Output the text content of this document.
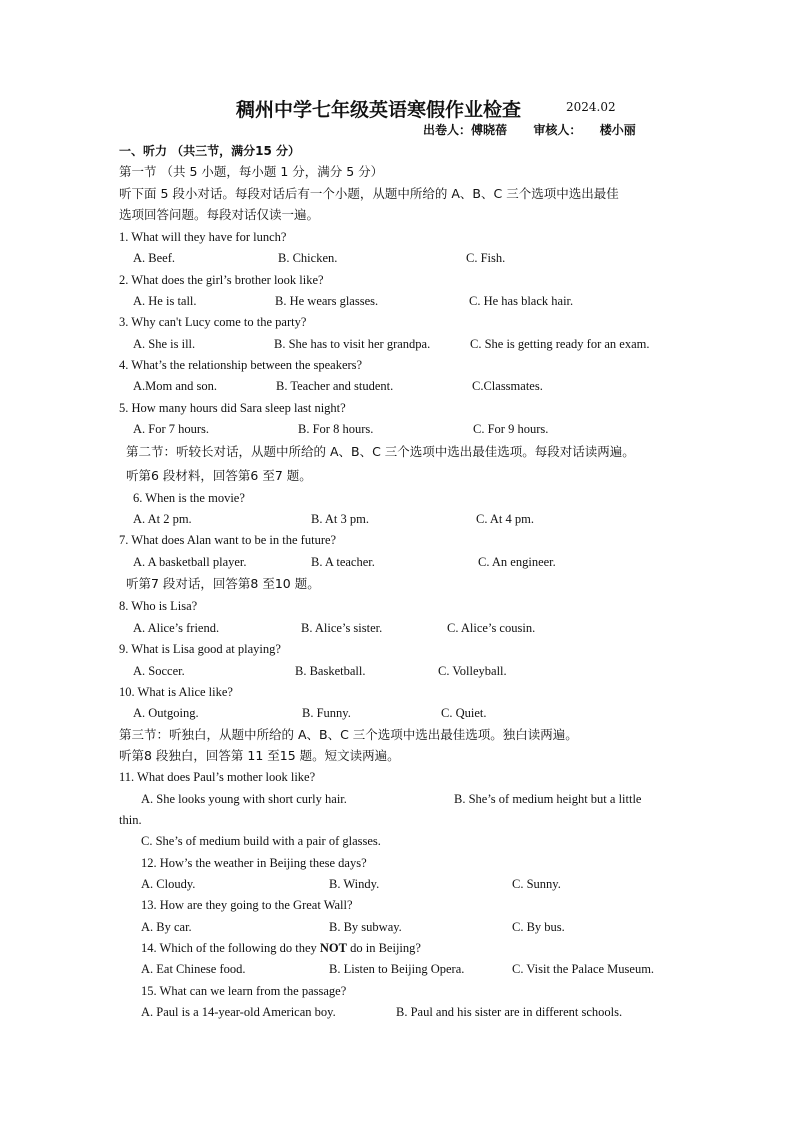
稠州中学七年级英语寒假作业检查	2024.02
出卷人：傅晓蓓 审核人： 楼小丽
一、听力 （共三节，满分15 分）
第一节 （共 5 小题，每小题 1 分，满分 5 分）
听下面 5 段小对话。每段对话后有一个小题，从题中所给的 A、B、C 三个选项中选出最佳
选项回答问题。每段对话仅读一遍。
1. What will they have for lunch?
A. Beef.	B. Chicken.	C. Fish.
2. What does the girl’s brother look like?
A. He is tall.	B. He wears glasses.	C. He has black hair.
3. Why can't Lucy come to the party?
A. She is ill.	B. She has to visit her grandpa.	C. She is getting ready for an exam.
4. What’s the relationship between the speakers?
A.Mom and son.	B. Teacher and student.	C.Classmates.
5. How many hours did Sara sleep last night?
A. For 7 hours.	B. For 8 hours.	C. For 9 hours.
第二节：听较长对话，从题中所给的 A、B、C 三个选项中选出最佳选项。每段对话读两遍。
听第6 段材料，回答第6 至7 题。
6. When is the movie?
A. At 2 pm.	B. At 3 pm.	C. At 4 pm.
7. What does Alan want to be in the future?
A. A basketball player.	B. A teacher.	C. An engineer.
听第7 段对话，回答第8 至10 题。
8. Who is Lisa?
A. Alice’s friend.	B. Alice’s sister.	C. Alice’s cousin.
9. What is Lisa good at playing?
A. Soccer.	B. Basketball.	C. Volleyball.
10. What is Alice like?
A. Outgoing.	B. Funny.	C. Quiet.
第三节：听独白，从题中所给的 A、B、C 三个选项中选出最佳选项。独白读两遍。
听第8 段独白，回答第 11 至15 题。短文读两遍。
11. What does Paul’s mother look like?
A. She looks young with short curly hair.	B. She’s of medium height but a little
thin.
C. She’s of medium build with a pair of glasses.
12. How’s the weather in Beijing these days?
A. Cloudy.	B. Windy.	C. Sunny.
13. How are they going to the Great Wall?
A. By car.	B. By subway.	C. By bus.
14. Which of the following do they NOT do in Beijing?
A. Eat Chinese food.	B. Listen to Beijing Opera.	C. Visit the Palace Museum.
15. What can we learn from the passage?
A. Paul is a 14-year-old American boy.	B. Paul and his sister are in different schools.
